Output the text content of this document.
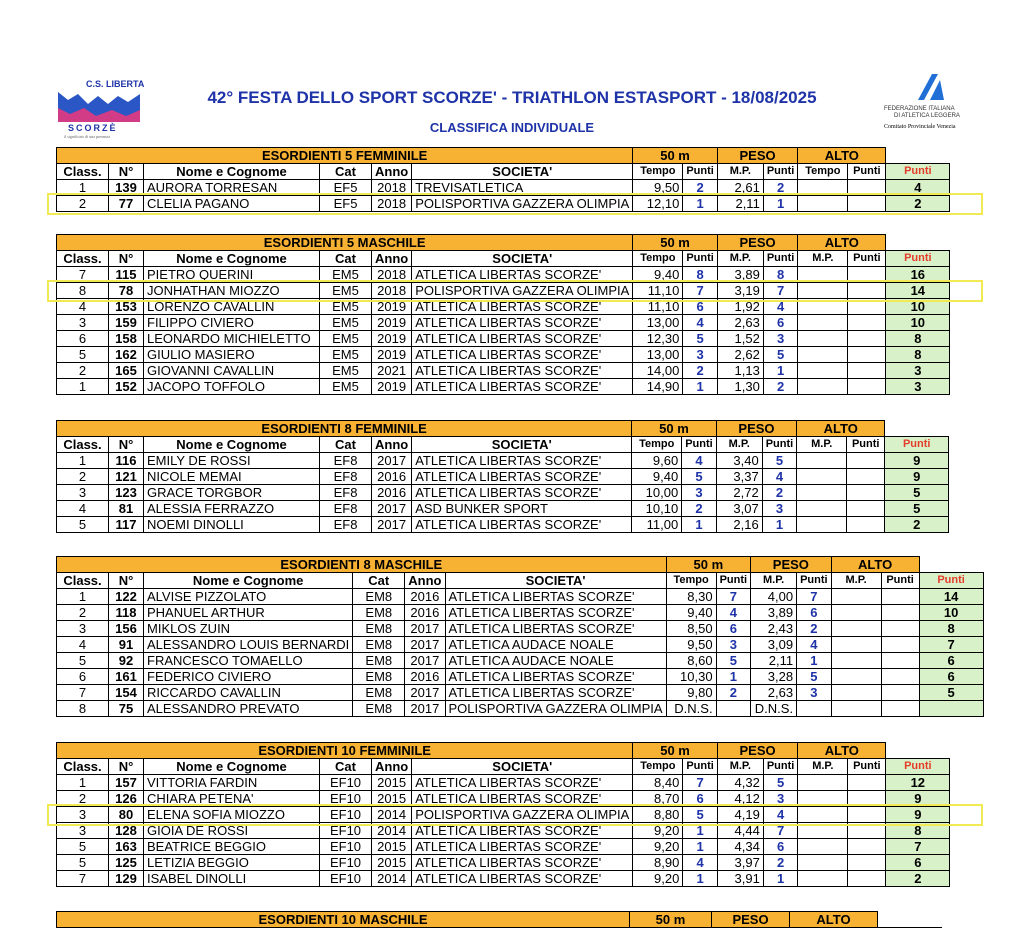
C.S. LIBERTAS
SCORZÈ
il significato di una presenza
FEDERAZIONE ITALIANA
DI ATLETICA LEGGERA
Comitato Provinciale Venezia
42° FESTA DELLO SPORT SCORZE' - TRIATHLON ESTASPORT - 18/08/2025
CLASSIFICA INDIVIDUALE
ESORDIENTI 5 FEMMINILE						50 m		PESO		ALTO		
Class.	N°	Nome e Cognome	Cat	Anno	SOCIETA'	Tempo	Punti	M.P.	Punti	Tempo	Punti	Punti
1	139	AURORA TORRESAN	EF5	2018	TREVISATLETICA	9,50	2	2,61	2			4
2	77	CLELIA PAGANO	EF5	2018	POLISPORTIVA GAZZERA OLIMPIA	12,10	1	2,11	1			2
ESORDIENTI 5 MASCHILE						50 m		PESO		ALTO		
Class.	N°	Nome e Cognome	Cat	Anno	SOCIETA'	Tempo	Punti	M.P.	Punti	M.P.	Punti	Punti
7	115	PIETRO QUERINI	EM5	2018	ATLETICA LIBERTAS SCORZE'	9,40	8	3,89	8			16
8	78	JONHATHAN MIOZZO	EM5	2018	POLISPORTIVA GAZZERA OLIMPIA	11,10	7	3,19	7			14
4	153	LORENZO CAVALLIN	EM5	2019	ATLETICA LIBERTAS SCORZE'	11,10	6	1,92	4			10
3	159	FILIPPO CIVIERO	EM5	2019	ATLETICA LIBERTAS SCORZE'	13,00	4	2,63	6			10
6	158	LEONARDO MICHIELETTO	EM5	2019	ATLETICA LIBERTAS SCORZE'	12,30	5	1,52	3			8
5	162	GIULIO MASIERO	EM5	2019	ATLETICA LIBERTAS SCORZE'	13,00	3	2,62	5			8
2	165	GIOVANNI CAVALLIN	EM5	2021	ATLETICA LIBERTAS SCORZE'	14,00	2	1,13	1			3
1	152	JACOPO TOFFOLO	EM5	2019	ATLETICA LIBERTAS SCORZE'	14,90	1	1,30	2			3
ESORDIENTI 8 FEMMINILE						50 m		PESO		ALTO		
Class.	N°	Nome e Cognome	Cat	Anno	SOCIETA'	Tempo	Punti	M.P.	Punti	M.P.	Punti	Punti
1	116	EMILY DE ROSSI	EF8	2017	ATLETICA LIBERTAS SCORZE'	9,60	4	3,40	5			9
2	121	NICOLE MEMAI	EF8	2016	ATLETICA LIBERTAS SCORZE'	9,40	5	3,37	4			9
3	123	GRACE TORGBOR	EF8	2016	ATLETICA LIBERTAS SCORZE'	10,00	3	2,72	2			5
4	81	ALESSIA FERRAZZO	EF8	2017	ASD BUNKER SPORT	10,10	2	3,07	3			5
5	117	NOEMI DINOLLI	EF8	2017	ATLETICA LIBERTAS SCORZE'	11,00	1	2,16	1			2
ESORDIENTI 8 MASCHILE						50 m		PESO		ALTO		
Class.	N°	Nome e Cognome	Cat	Anno	SOCIETA'	Tempo	Punti	M.P.	Punti	M.P.	Punti	Punti
1	122	ALVISE PIZZOLATO	EM8	2016	ATLETICA LIBERTAS SCORZE'	8,30	7	4,00	7			14
2	118	PHANUEL ARTHUR	EM8	2016	ATLETICA LIBERTAS SCORZE'	9,40	4	3,89	6			10
3	156	MIKLOS ZUIN	EM8	2017	ATLETICA LIBERTAS SCORZE'	8,50	6	2,43	2			8
4	91	ALESSANDRO LOUIS BERNARDI	EM8	2017	ATLETICA AUDACE NOALE	9,50	3	3,09	4			7
5	92	FRANCESCO TOMAELLO	EM8	2017	ATLETICA AUDACE NOALE	8,60	5	2,11	1			6
6	161	FEDERICO CIVIERO	EM8	2016	ATLETICA LIBERTAS SCORZE'	10,30	1	3,28	5			6
7	154	RICCARDO CAVALLIN	EM8	2017	ATLETICA LIBERTAS SCORZE'	9,80	2	2,63	3			5
8	75	ALESSANDRO PREVATO	EM8	2017	POLISPORTIVA GAZZERA OLIMPIA	D.N.S.		D.N.S.				
ESORDIENTI 10 FEMMINILE						50 m		PESO		ALTO		
Class.	N°	Nome e Cognome	Cat	Anno	SOCIETA'	Tempo	Punti	M.P.	Punti	M.P.	Punti	Punti
1	157	VITTORIA FARDIN	EF10	2015	ATLETICA LIBERTAS SCORZE'	8,40	7	4,32	5			12
2	126	CHIARA PETENA'	EF10	2015	ATLETICA LIBERTAS SCORZE'	8,70	6	4,12	3			9
3	80	ELENA SOFIA MIOZZO	EF10	2014	POLISPORTIVA GAZZERA OLIMPIA	8,80	5	4,19	4			9
3	128	GIOIA DE ROSSI	EF10	2014	ATLETICA LIBERTAS SCORZE'	9,20	1	4,44	7			8
5	163	BEATRICE BEGGIO	EF10	2015	ATLETICA LIBERTAS SCORZE'	9,20	1	4,34	6			7
5	125	LETIZIA BEGGIO	EF10	2015	ATLETICA LIBERTAS SCORZE'	8,90	4	3,97	2			6
7	129	ISABEL DINOLLI	EF10	2014	ATLETICA LIBERTAS SCORZE'	9,20	1	3,91	1			2
ESORDIENTI 10 MASCHILE	50 m	PESO	ALTO	
